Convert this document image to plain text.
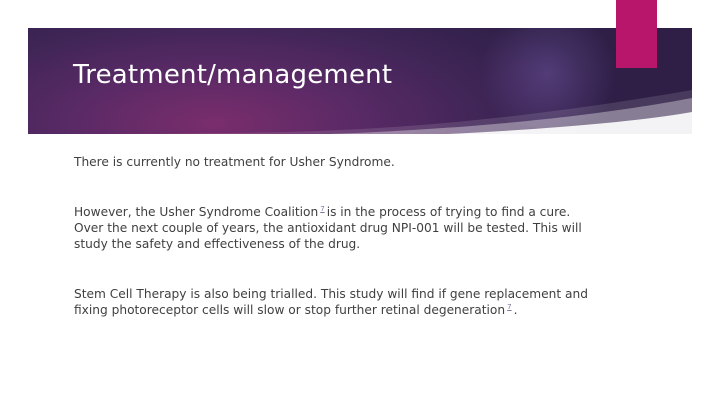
Treatment/management

There is currently no treatment for Usher Syndrome.

However, the Usher Syndrome Coalition $^7$ is in the process of trying to find a cure. Over the next couple of years, the antioxidant drug NPI-001 will be tested. This will study the safety and effectiveness of the drug.

Stem Cell Therapy is also being trialled. This study will find if gene replacement and fixing photoreceptor cells will slow or stop further retinal degeneration $^7$ .
